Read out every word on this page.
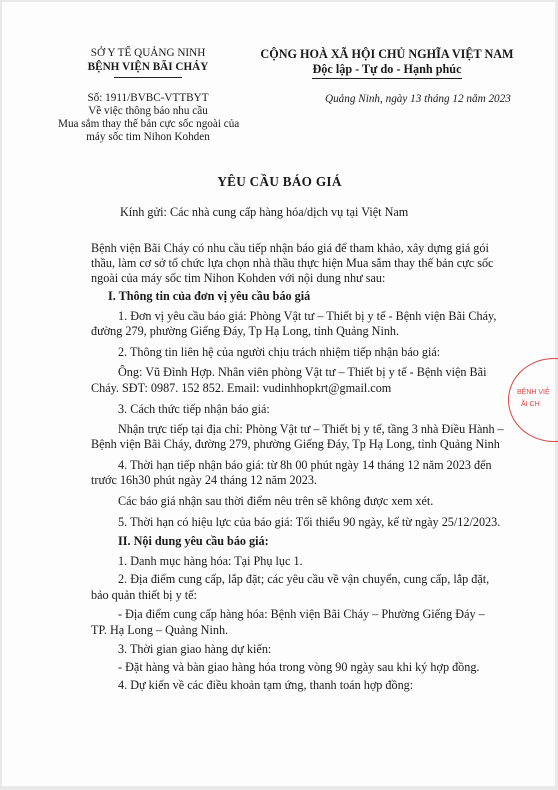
SỞ Y TẾ QUẢNG NINH
BỆNH VIỆN BÃI CHÁY
Số: 1911/BVBC-VTTBYT
Về việc thông báo nhu cầu
Mua sắm thay thế bản cực sốc ngoài của
máy sốc tim Nihon Kohden
CỘNG HOÀ XÃ HỘI CHỦ NGHĨA VIỆT NAM
Độc lập - Tự do - Hạnh phúc
Quảng Ninh, ngày 13 tháng 12 năm 2023
YÊU CẦU BÁO GIÁ
Kính gửi: Các nhà cung cấp hàng hóa/dịch vụ tại Việt Nam
Bệnh viện Bãi Cháy có nhu cầu tiếp nhận báo giá để tham khảo, xây dựng giá gói
thầu, làm cơ sở tổ chức lựa chọn nhà thầu thực hiện Mua sắm thay thế bản cực sốc
ngoài của máy sốc tim Nihon Kohden với nội dung như sau:
I. Thông tin của đơn vị yêu cầu báo giá
1. Đơn vị yêu cầu báo giá: Phòng Vật tư – Thiết bị y tế - Bệnh viện Bãi Cháy,
đường 279, phường Giếng Đáy, Tp Hạ Long, tỉnh Quảng Ninh.
2. Thông tin liên hệ của người chịu trách nhiệm tiếp nhận báo giá:
Ông: Vũ Đình Hợp. Nhân viên phòng Vật tư – Thiết bị y tế - Bệnh viện Bãi
Cháy. SĐT: 0987. 152 852. Email: vudinhhopkrt@gmail.com
3. Cách thức tiếp nhận báo giá:
Nhận trực tiếp tại địa chỉ: Phòng Vật tư – Thiết bị y tế, tầng 3 nhà Điều Hành –
Bệnh viện Bãi Cháy, đường 279, phường Giếng Đáy, Tp Hạ Long, tỉnh Quảng Ninh
4. Thời hạn tiếp nhận báo giá: từ 8h 00 phút ngày 14 tháng 12 năm 2023 đến
trước 16h30 phút ngày 24 tháng 12 năm 2023.
Các báo giá nhận sau thời điểm nêu trên sẽ không được xem xét.
5. Thời hạn có hiệu lực của báo giá: Tối thiểu 90 ngày, kể từ ngày 25/12/2023.
II. Nội dung yêu cầu báo giá:
1. Danh mục hàng hóa: Tại Phụ lục 1.
2. Địa điểm cung cấp, lắp đặt; các yêu cầu về vận chuyển, cung cấp, lắp đặt,
bảo quản thiết bị y tế:
- Địa điểm cung cấp hàng hóa: Bệnh viện Bãi Cháy – Phường Giếng Đáy –
TP. Hạ Long – Quảng Ninh.
3. Thời gian giao hàng dự kiến:
- Đặt hàng và bàn giao hàng hóa trong vòng 90 ngày sau khi ký hợp đồng.
4. Dự kiến về các điều khoản tạm ứng, thanh toán hợp đồng:
BỆNH VIỆ
ÃI CH
